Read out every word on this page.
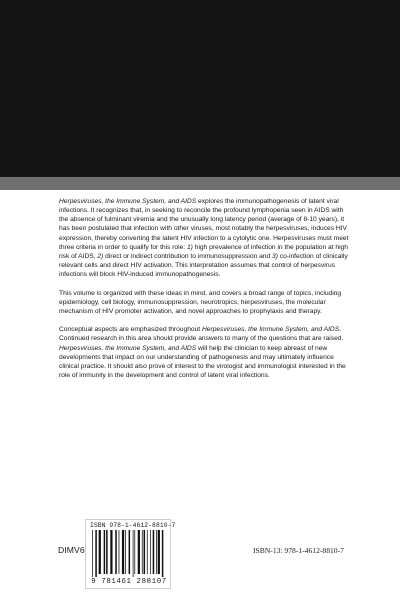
Herpesviruses, the Immune System, and AIDS explores the immunopathogenesis of latent viral infections. It recognizes that, in seeking to reconcile the profound lymphopenia seen in AIDS with the absence of fulminant viremia and the unusually long latency period (average of 8-10 years), it has been postulated that infection with other viruses, most notably the herpesviruses, induces HIV expression, thereby converting the latent HIV infection to a cytolytic one. Herpesviruses must meet three criteria in order to qualify for this role: 1) high prevalence of infection in the population at high risk of AIDS, 2) direct or indirect contribution to immunosuppression and 3) co-infection of clinically relevant cells and direct HIV activation. This interpretation assumes that control of herpesvirus infections will block HIV-induced immunopathogenesis.

This volume is organized with these ideas in mind, and covers a broad range of topics, including epidemiology, cell biology, immunosuppression, neurotropics, herpesviruses, the molecular mechanism of HIV promoter activation, and novel approaches to prophylaxis and therapy.

Conceptual aspects are emphasized throughout Herpesviruses, the Immune System, and AIDS. Continued research in this area should provide answers to many of the questions that are raised. Herpesviruses, the Immune System, and AIDS will help the clinician to keep abreast of new developments that impact on our understanding of pathogenesis and may ultimately influence clinical practice. It should also prove of interest to the virologist and immunologist interested in the role of immunity in the development and control of latent viral infections.

DIMV6
ISBN 978-1-4612-8810-7
9 781461 288107
ISBN-13: 978-1-4612-8810-7
